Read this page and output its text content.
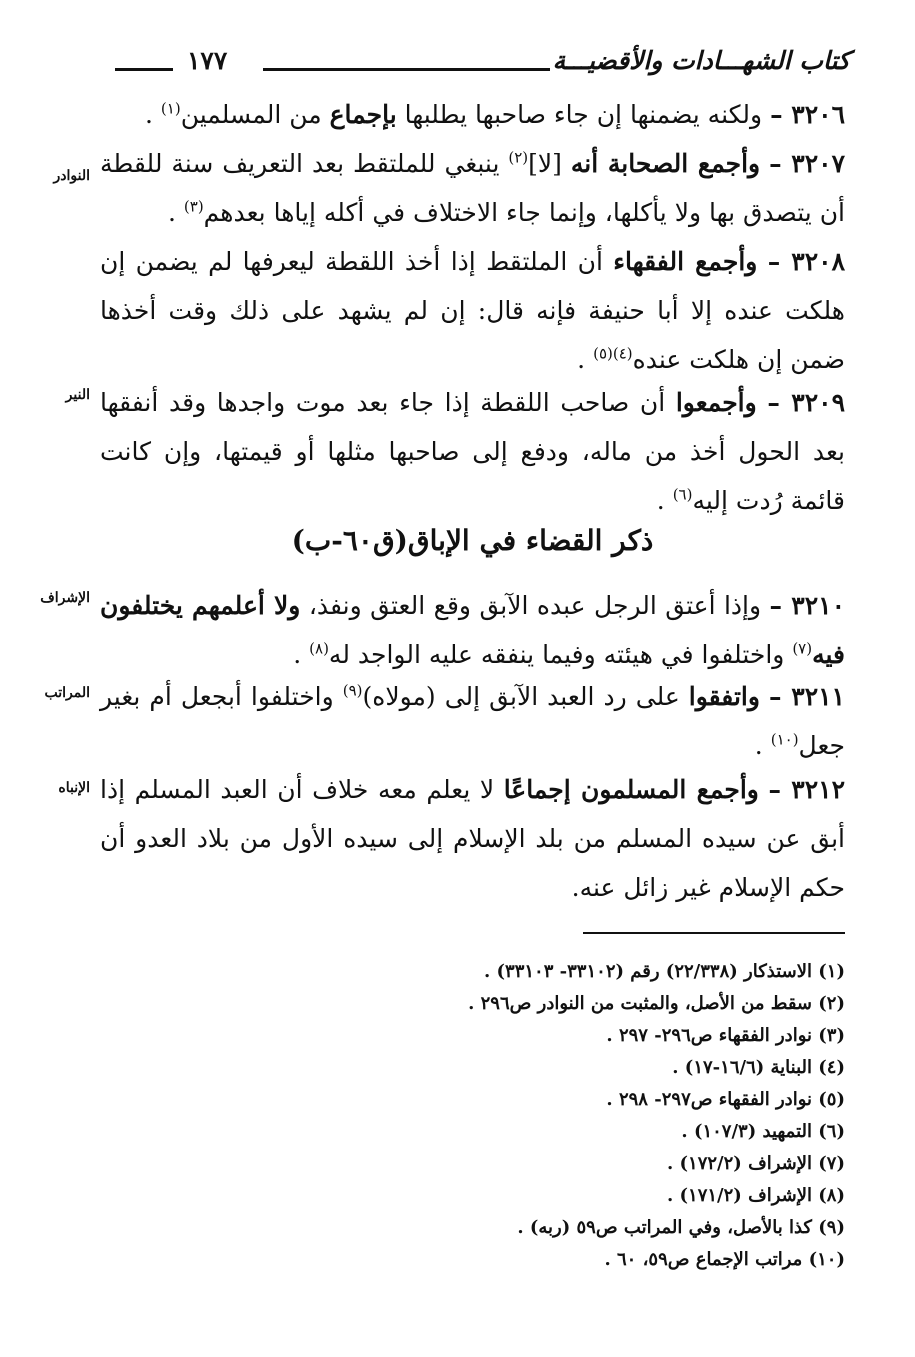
كتاب الشهـــادات والأقضيـــة
١٧٧

٣٢٠٦ – ولكنه يضمنها إن جاء صاحبها يطلبها بإجماع من المسلمين$^{(١)}$ .

٣٢٠٧ – وأجمع الصحابة أنه [لا]$^{(٢)}$ ينبغي للملتقط بعد التعريف سنة للقطة أن يتصدق بها ولا يأكلها، وإنما جاء الاختلاف في أكله إياها بعدهم$^{(٣)}$ .

النوادر

٣٢٠٨ – وأجمع الفقهاء أن الملتقط إذا أخذ اللقطة ليعرفها لم يضمن إن هلكت عنده إلا أبا حنيفة فإنه قال: إن لم يشهد على ذلك وقت أخذها ضمن إن هلكت عنده$^{(٤)(٥)}$ .

٣٢٠٩ – وأجمعوا أن صاحب اللقطة إذا جاء بعد موت واجدها وقد أنفقها بعد الحول أخذ من ماله، ودفع إلى صاحبها مثلها أو قيمتها، وإن كانت قائمة رُدت إليه$^{(٦)}$ .

النير
ذكر القضاء في الإباق(ق٦٠-ب)

٣٢١٠ – وإذا أعتق الرجل عبده الآبق وقع العتق ونفذ، ولا أعلمهم يختلفون فيه$^{(٧)}$ واختلفوا في هيئته وفيما ينفقه عليه الواجد له$^{(٨)}$ .

الإشراف

٣٢١١ – واتفقوا على رد العبد الآبق إلى (مولاه)$^{(٩)}$ واختلفوا أبجعل أم بغير جعل$^{(١٠)}$ .

المراتب

٣٢١٢ – وأجمع المسلمون إجماعًا لا يعلم معه خلاف أن العبد المسلم إذا أبق عن سيده المسلم من بلد الإسلام إلى سيده الأول من بلاد العدو أن حكم الإسلام غير زائل عنه.

الإنباه
(١) الاستذكار (٢٢/٣٣٨) رقم (٣٣١٠٢- ٣٣١٠٣) .
(٢) سقط من الأصل، والمثبت من النوادر ص٢٩٦ .
(٣) نوادر الفقهاء ص٢٩٦- ٢٩٧ .
(٤) البناية (١٦/٦-١٧) .
(٥) نوادر الفقهاء ص٢٩٧- ٢٩٨ .
(٦) التمهيد (١٠٧/٣) .
(٧) الإشراف (١٧٢/٢) .
(٨) الإشراف (١٧١/٢) .
(٩) كذا بالأصل، وفي المراتب ص٥٩ (ربه) .
(١٠) مراتب الإجماع ص٥٩، ٦٠ .
